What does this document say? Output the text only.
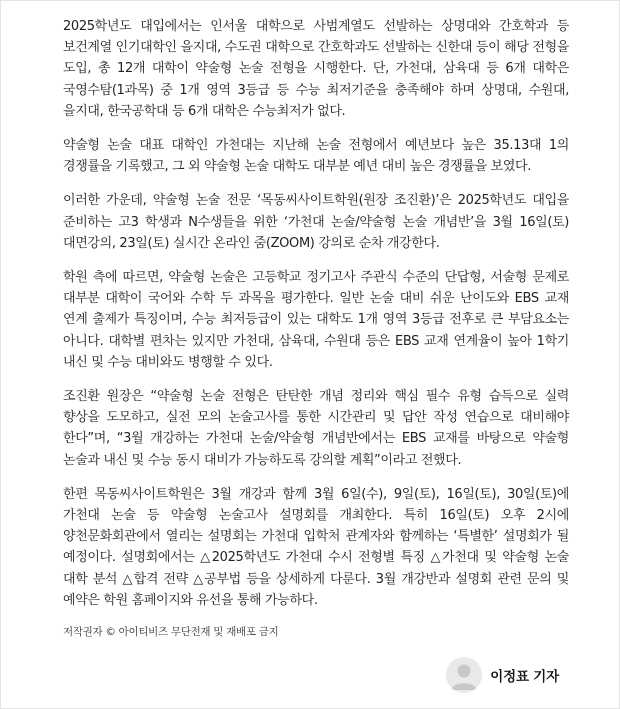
2025학년도 대입에서는 인서울 대학으로 사범계열도 선발하는 상명대와 간호학과 등 보건계열 인기대학인 을지대, 수도권 대학으로 간호학과도 선발하는 신한대 등이 해당 전형을 도입, 총 12개 대학이 약술형 논술 전형을 시행한다. 단, 가천대, 삼육대 등 6개 대학은 국영수탐(1과목) 중 1개 영역 3등급 등 수능 최저기준을 충족해야 하며 상명대, 수원대, 을지대, 한국공학대 등 6개 대학은 수능최저가 없다.

약술형 논술 대표 대학인 가천대는 지난해 논술 전형에서 예년보다 높은 35.13대 1의 경쟁률을 기록했고, 그 외 약술형 논술 대학도 대부분 예년 대비 높은 경쟁률을 보였다.

이러한 가운데, 약술형 논술 전문 ‘목동씨사이트학원(원장 조진환)’은 2025학년도 대입을 준비하는 고3 학생과 N수생들을 위한 ‘가천대 논술/약술형 논술 개념반’을 3월 16일(토) 대면강의, 23일(토) 실시간 온라인 줌(ZOOM) 강의로 순차 개강한다.

학원 측에 따르면, 약술형 논술은 고등학교 정기고사 주관식 수준의 단답형, 서술형 문제로 대부분 대학이 국어와 수학 두 과목을 평가한다. 일반 논술 대비 쉬운 난이도와 EBS 교재 연계 출제가 특징이며, 수능 최저등급이 있는 대학도 1개 영역 3등급 전후로 큰 부담요소는 아니다. 대학별 편차는 있지만 가천대, 삼육대, 수원대 등은 EBS 교재 연계율이 높아 1학기 내신 및 수능 대비와도 병행할 수 있다.

조진환 원장은 “약술형 논술 전형은 탄탄한 개념 정리와 핵심 필수 유형 습득으로 실력 향상을 도모하고, 실전 모의 논술고사를 통한 시간관리 및 답안 작성 연습으로 대비해야 한다”며, “3월 개강하는 가천대 논술/약술형 개념반에서는 EBS 교재를 바탕으로 약술형 논술과 내신 및 수능 동시 대비가 가능하도록 강의할 계획”이라고 전했다.

한편 목동씨사이트학원은 3월 개강과 함께 3월 6일(수), 9일(토), 16일(토), 30일(토)에 가천대 논술 등 약술형 논술고사 설명회를 개최한다. 특히 16일(토) 오후 2시에 양천문화회관에서 열리는 설명회는 가천대 입학처 관계자와 함께하는 ‘특별한’ 설명회가 될 예정이다. 설명회에서는 △2025학년도 가천대 수시 전형별 특징 △가천대 및 약술형 논술 대학 분석 △합격 전략 △공부법 등을 상세하게 다룬다. 3월 개강반과 설명회 관련 문의 및 예약은 학원 홈페이지와 유선을 통해 가능하다.

저작권자 © 아이티비즈 무단전재 및 재배포 금지

이정표 기자
